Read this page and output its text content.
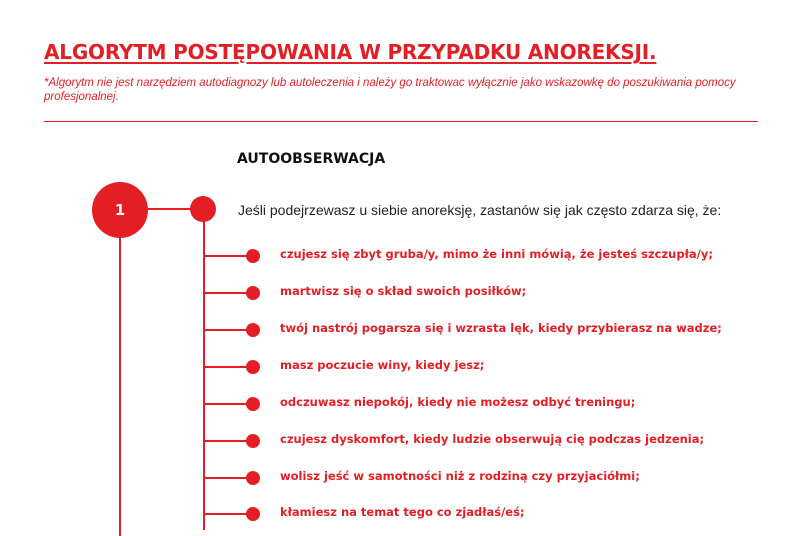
ALGORYTM POSTĘPOWANIA W PRZYPADKU ANOREKSJI.

*Algorytm nie jest narzędziem autodiagnozy lub autoleczenia i należy go traktowac wyłącznie jako wskazowkę do poszukiwania pomocy profesjonalnej.

AUTOOBSERWACJA
1	Jeśli podejrzewasz u siebie anoreksję, zastanów się jak często zdarza się, że:

czujesz się zbyt gruba/y, mimo że inni mówią, że jesteś szczupła/y;
martwisz się o skład swoich posiłków;
twój nastrój pogarsza się i wzrasta lęk, kiedy przybierasz na wadze;
masz poczucie winy, kiedy jesz;
odczuwasz niepokój, kiedy nie możesz odbyć treningu;
czujesz dyskomfort, kiedy ludzie obserwują cię podczas jedzenia;
wolisz jeść w samotności niż z rodziną czy przyjaciółmi;
kłamiesz na temat tego co zjadłaś/eś;
